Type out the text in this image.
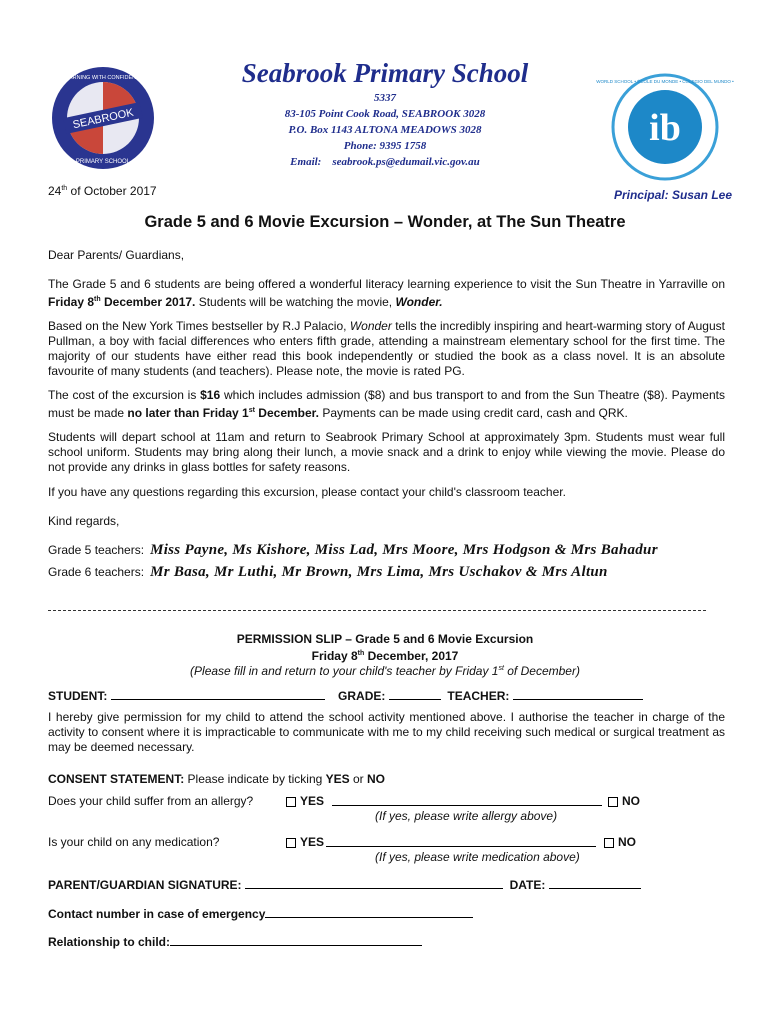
SEABROOK
LEARNING WITH CONFIDENCE
PRIMARY SCHOOL
ib
WORLD SCHOOL • ÉCOLE DU MONDE • COLEGIO DEL MUNDO •
Seabrook Primary School
5337
83-105 Point Cook Road, SEABROOK 3028
P.O. Box 1143 ALTONA MEADOWS 3028
Phone: 9395 1758
Email: seabrook.ps@edumail.vic.gov.au
24th of October 2017	Principal: Susan Lee
Grade 5 and 6 Movie Excursion – Wonder, at The Sun Theatre
Dear Parents/ Guardians,
The Grade 5 and 6 students are being offered a wonderful literacy learning experience to visit the Sun Theatre in Yarraville on Friday 8th December 2017. Students will be watching the movie, Wonder.
Based on the New York Times bestseller by R.J Palacio, Wonder tells the incredibly inspiring and heart-warming story of August Pullman, a boy with facial differences who enters fifth grade, attending a mainstream elementary school for the first time. The majority of our students have either read this book independently or studied the book as a class novel. It is an absolute favourite of many students (and teachers). Please note, the movie is rated PG.
The cost of the excursion is $16 which includes admission ($8) and bus transport to and from the Sun Theatre ($8). Payments must be made no later than Friday 1st December. Payments can be made using credit card, cash and QRK.
Students will depart school at 11am and return to Seabrook Primary School at approximately 3pm. Students must wear full school uniform. Students may bring along their lunch, a movie snack and a drink to enjoy while viewing the movie. Please do not provide any drinks in glass bottles for safety reasons.
If you have any questions regarding this excursion, please contact your child's classroom teacher.
Kind regards,
Grade 5 teachers: Miss Payne, Ms Kishore, Miss Lad, Mrs Moore, Mrs Hodgson & Mrs Bahadur
Grade 6 teachers: Mr Basa, Mr Luthi, Mr Brown, Mrs Lima, Mrs Uschakov & Mrs Altun
PERMISSION SLIP – Grade 5 and 6 Movie Excursion
Friday 8th December, 2017
(Please fill in and return to your child's teacher by Friday 1st of December)
STUDENT:	GRADE:	TEACHER:
I hereby give permission for my child to attend the school activity mentioned above. I authorise the teacher in charge of the activity to consent where it is impracticable to communicate with me to my child receiving such medical or surgical treatment as may be deemed necessary.
CONSENT STATEMENT: Please indicate by ticking YES or NO
Does your child suffer from an allergy?	YES	NO
(If yes, please write allergy above)
Is your child on any medication?	YES	NO
(If yes, please write medication above)
PARENT/GUARDIAN SIGNATURE:	DATE:
Contact number in case of emergency
Relationship to child:
